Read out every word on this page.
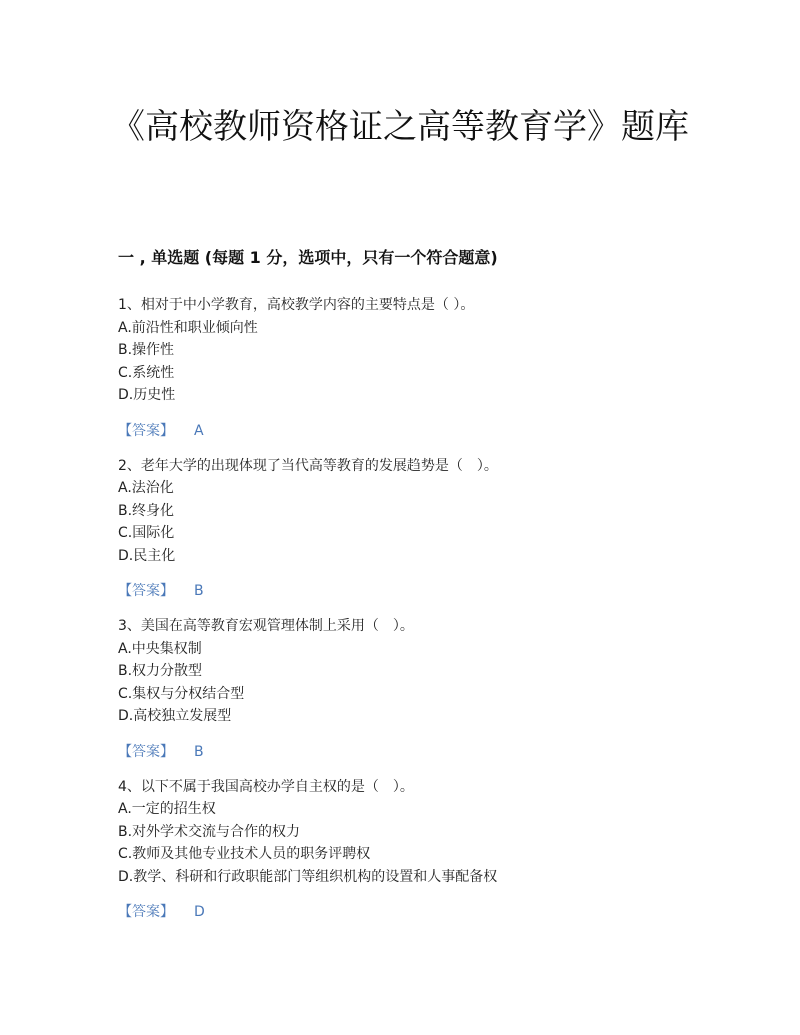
《高校教师资格证之高等教育学》题库
一 , 单选题 (每题 1 分，选项中，只有一个符合题意)
1、相对于中小学教育，高校教学内容的主要特点是（ ）。
A.前沿性和职业倾向性
B.操作性
C.系统性
D.历史性
【答案】 A
2、老年大学的出现体现了当代高等教育的发展趋势是（　）。
A.法治化
B.终身化
C.国际化
D.民主化
【答案】 B
3、美国在高等教育宏观管理体制上采用（　）。
A.中央集权制
B.权力分散型
C.集权与分权结合型
D.高校独立发展型
【答案】 B
4、以下不属于我国高校办学自主权的是（　）。
A.一定的招生权
B.对外学术交流与合作的权力
C.教师及其他专业技术人员的职务评聘权
D.教学、科研和行政职能部门等组织机构的设置和人事配备权
【答案】 D
